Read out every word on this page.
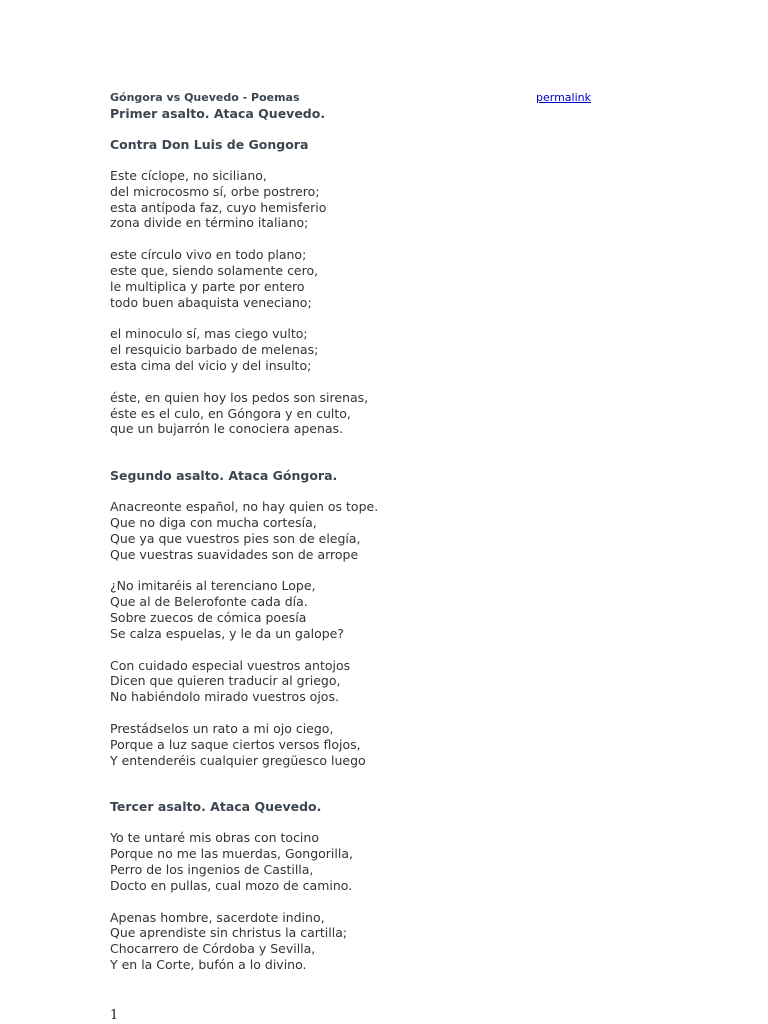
Góngora vs Quevedo - Poemas	permalink
Primer asalto. Ataca Quevedo.
Contra Don Luis de Gongora
Este cíclope, no siciliano,
del microcosmo sí, orbe postrero;
esta antípoda faz, cuyo hemisferio
zona divide en término italiano;
este círculo vivo en todo plano;
este que, siendo solamente cero,
le multiplica y parte por entero
todo buen abaquista veneciano;
el minoculo sí, mas ciego vulto;
el resquicio barbado de melenas;
esta cima del vicio y del insulto;
éste, en quien hoy los pedos son sirenas,
éste es el culo, en Góngora y en culto,
que un bujarrón le conociera apenas.
Segundo asalto. Ataca Góngora.
Anacreonte español, no hay quien os tope.
Que no diga con mucha cortesía,
Que ya que vuestros pies son de elegía,
Que vuestras suavidades son de arrope
¿No imitaréis al terenciano Lope,
Que al de Belerofonte cada día.
Sobre zuecos de cómica poesía
Se calza espuelas, y le da un galope?
Con cuidado especial vuestros antojos
Dicen que quieren traducir al griego,
No habiéndolo mirado vuestros ojos.
Prestádselos un rato a mi ojo ciego,
Porque a luz saque ciertos versos flojos,
Y entenderéis cualquier gregüesco luego
Tercer asalto. Ataca Quevedo.
Yo te untaré mis obras con tocino
Porque no me las muerdas, Gongorilla,
Perro de los ingenios de Castilla,
Docto en pullas, cual mozo de camino.
Apenas hombre, sacerdote indino,
Que aprendiste sin christus la cartilla;
Chocarrero de Córdoba y Sevilla,
Y en la Corte, bufón a lo divino.
1
